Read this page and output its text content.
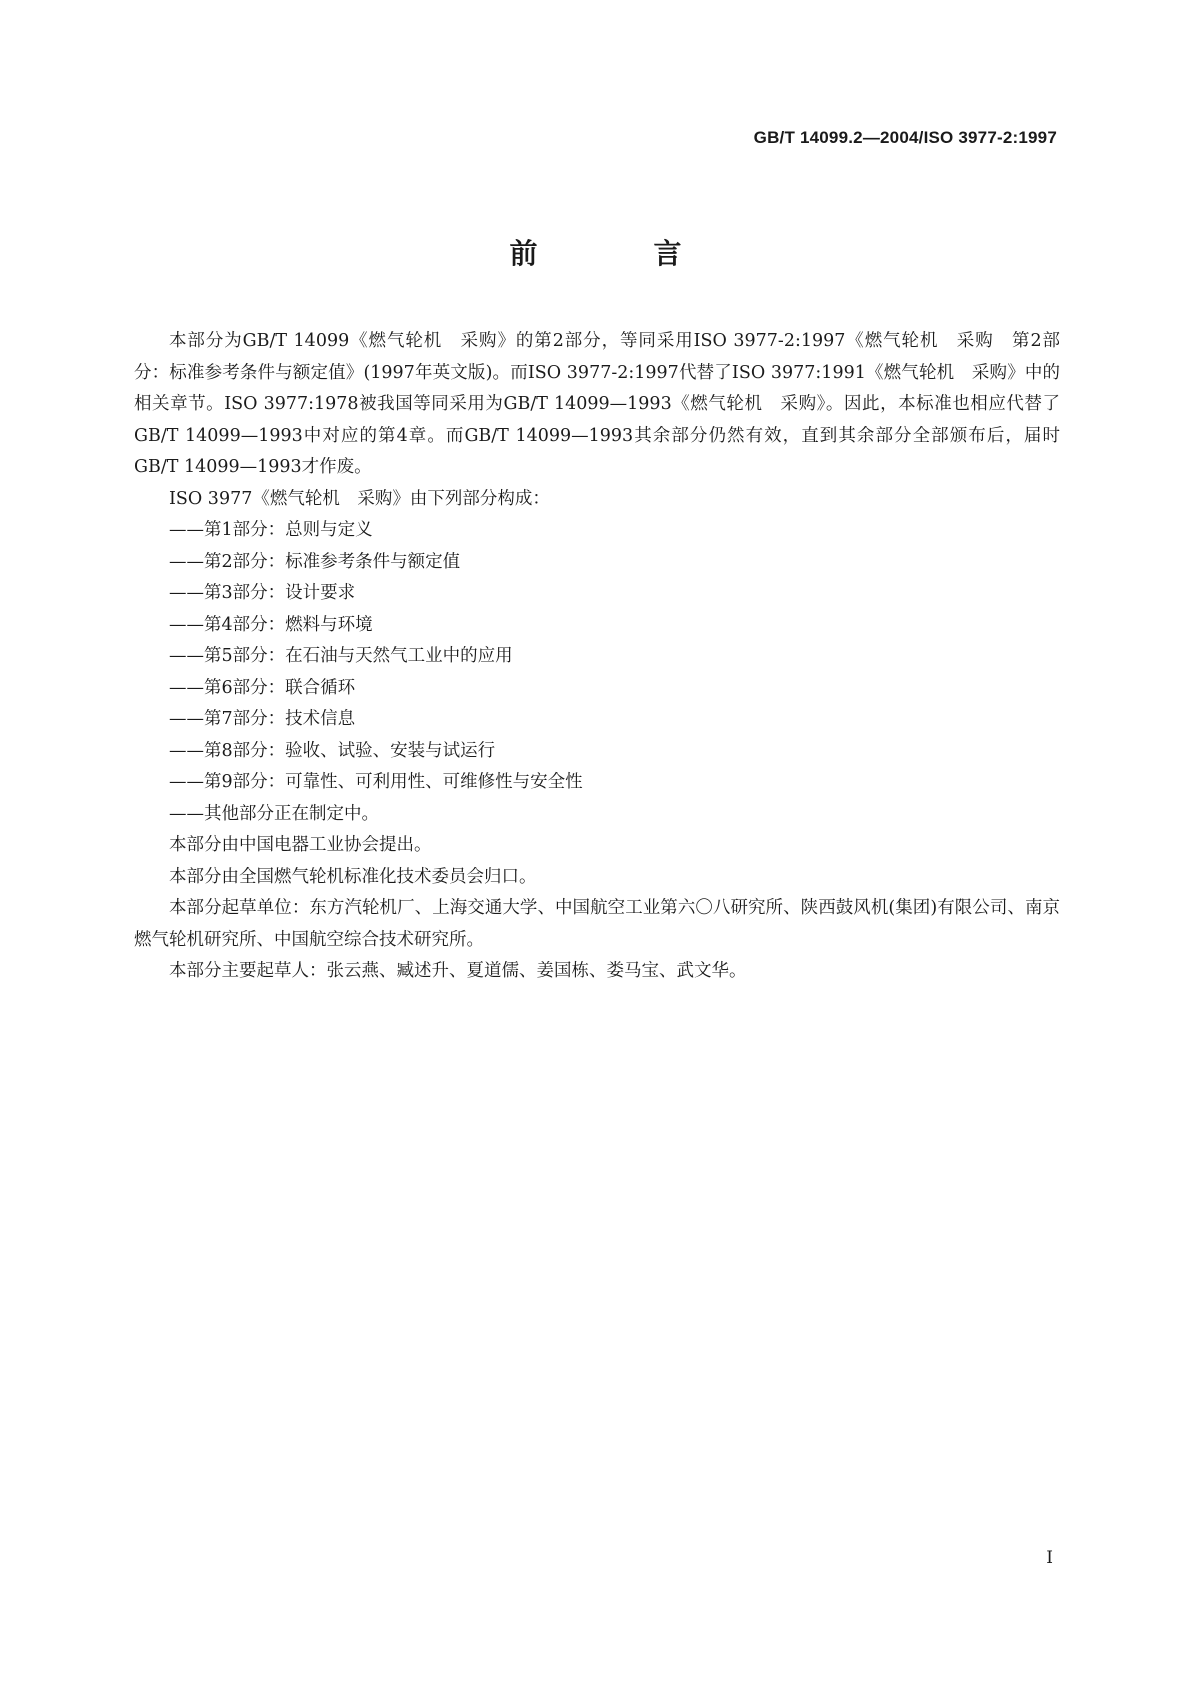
GB/T 14099.2—2004/ISO 3977-2:1997
前　言

本部分为GB/T 14099《燃气轮机　采购》的第2部分，等同采用ISO 3977-2:1997《燃气轮机　采购　第2部分：标准参考条件与额定值》(1997年英文版)。而ISO 3977-2:1997代替了ISO 3977:1991《燃气轮机　采购》中的相关章节。ISO 3977:1978被我国等同采用为GB/T 14099—1993《燃气轮机　采购》。因此，本标准也相应代替了GB/T 14099—1993中对应的第4章。而GB/T 14099—1993其余部分仍然有效，直到其余部分全部颁布后，届时GB/T 14099—1993才作废。

ISO 3977《燃气轮机　采购》由下列部分构成：

——第1部分：总则与定义

——第2部分：标准参考条件与额定值

——第3部分：设计要求

——第4部分：燃料与环境

——第5部分：在石油与天然气工业中的应用

——第6部分：联合循环

——第7部分：技术信息

——第8部分：验收、试验、安装与试运行

——第9部分：可靠性、可利用性、可维修性与安全性

——其他部分正在制定中。

本部分由中国电器工业协会提出。

本部分由全国燃气轮机标准化技术委员会归口。

本部分起草单位：东方汽轮机厂、上海交通大学、中国航空工业第六〇八研究所、陕西鼓风机(集团)有限公司、南京燃气轮机研究所、中国航空综合技术研究所。

本部分主要起草人：张云燕、臧述升、夏道儒、姜国栋、娄马宝、武文华。

I
